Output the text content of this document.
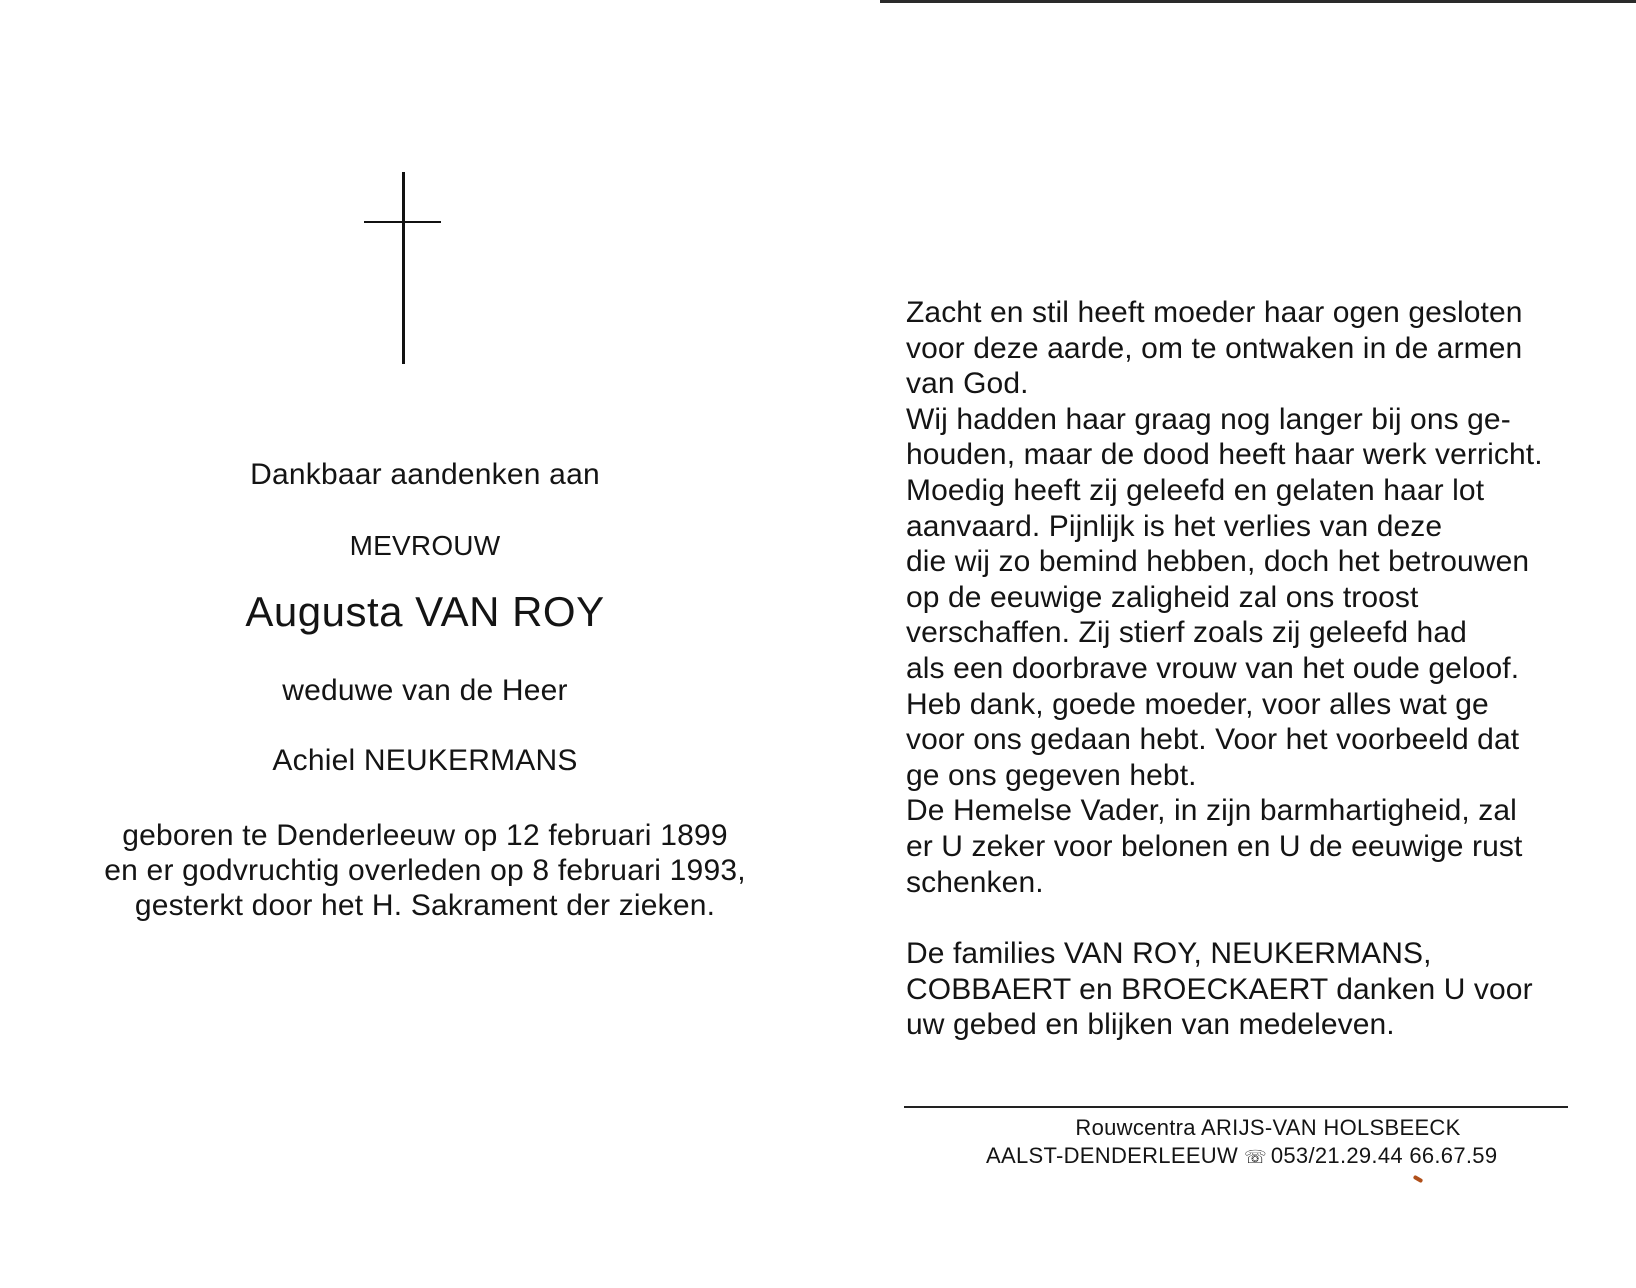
Dankbaar aandenken aan
MEVROUW
Augusta VAN ROY
weduwe van de Heer
Achiel NEUKERMANS
geboren te Denderleeuw op 12 februari 1899
en er godvruchtig overleden op 8 februari 1993,
gesterkt door het H. Sakrament der zieken.
Zacht en stil heeft moeder haar ogen gesloten
voor deze aarde, om te ontwaken in de armen
van God.
Wij hadden haar graag nog langer bij ons ge-
houden, maar de dood heeft haar werk verricht.
Moedig heeft zij geleefd en gelaten haar lot
aanvaard. Pijnlijk is het verlies van deze
die wij zo bemind hebben, doch het betrouwen
op de eeuwige zaligheid zal ons troost
verschaffen. Zij stierf zoals zij geleefd had
als een doorbrave vrouw van het oude geloof.
Heb dank, goede moeder, voor alles wat ge
voor ons gedaan hebt. Voor het voorbeeld dat
ge ons gegeven hebt.
De Hemelse Vader, in zijn barmhartigheid, zal
er U zeker voor belonen en U de eeuwige rust
schenken.
De families VAN ROY, NEUKERMANS,
COBBAERT en BROECKAERT danken U voor
uw gebed en blijken van medeleven.
Rouwcentra ARIJS-VAN HOLSBEECK
AALST-DENDERLEEUW ☏ 053/21.29.44 66.67.59
